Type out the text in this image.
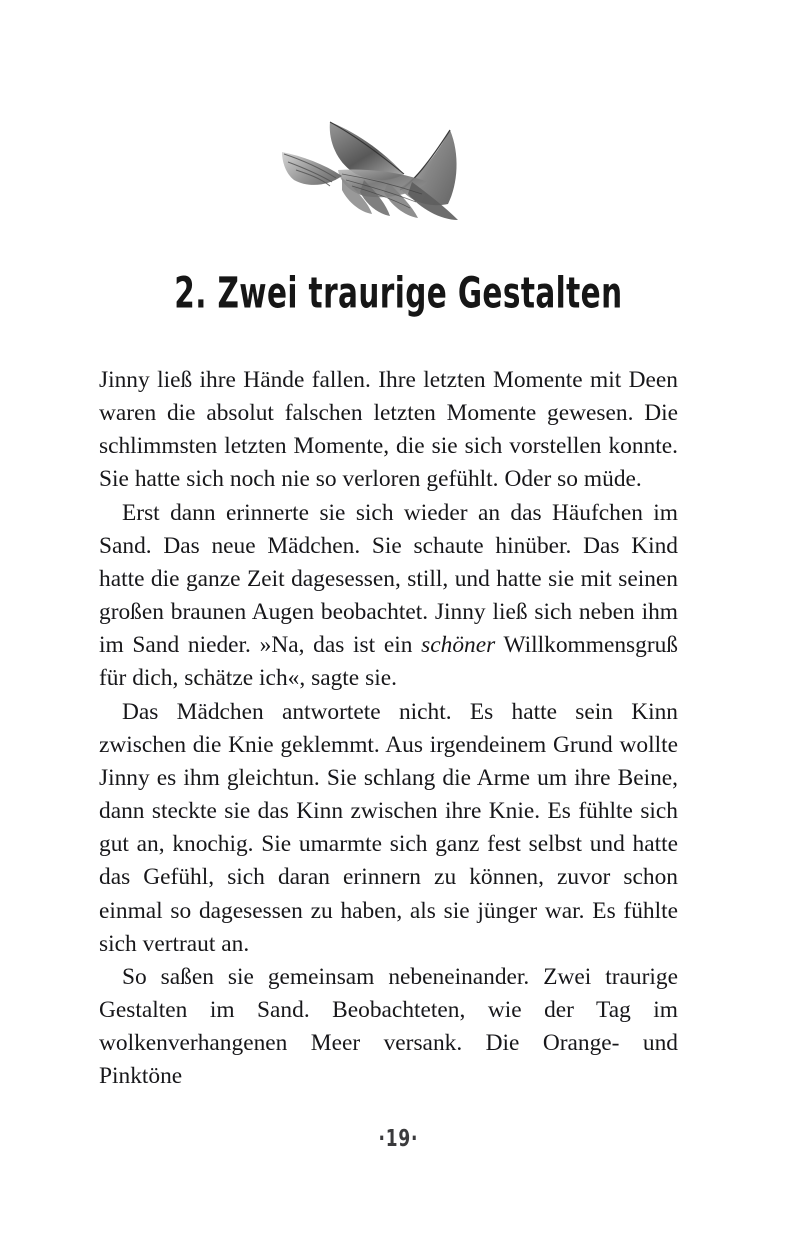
2. Zwei traurige Gestalten

Jinny ließ ihre Hände fallen. Ihre letzten Momente mit Deen waren die absolut falschen letzten Momente gewesen. Die schlimmsten letzten Momente, die sie sich vorstellen konnte. Sie hatte sich noch nie so verloren gefühlt. Oder so müde.

Erst dann erinnerte sie sich wieder an das Häufchen im Sand. Das neue Mädchen. Sie schaute hinüber. Das Kind hatte die ganze Zeit dagesessen, still, und hatte sie mit seinen großen braunen Augen beobachtet. Jinny ließ sich neben ihm im Sand nieder. »Na, das ist ein schöner Willkommensgruß für dich, schätze ich«, sagte sie.

Das Mädchen antwortete nicht. Es hatte sein Kinn zwischen die Knie geklemmt. Aus irgendeinem Grund wollte Jinny es ihm gleichtun. Sie schlang die Arme um ihre Beine, dann steckte sie das Kinn zwischen ihre Knie. Es fühlte sich gut an, knochig. Sie umarmte sich ganz fest selbst und hatte das Gefühl, sich daran erinnern zu können, zuvor schon einmal so dagesessen zu haben, als sie jünger war. Es fühlte sich vertraut an.

So saßen sie gemeinsam nebeneinander. Zwei traurige Gestalten im Sand. Beobachteten, wie der Tag im wolkenverhangenen Meer versank. Die Orange- und Pinktöne

·19·
